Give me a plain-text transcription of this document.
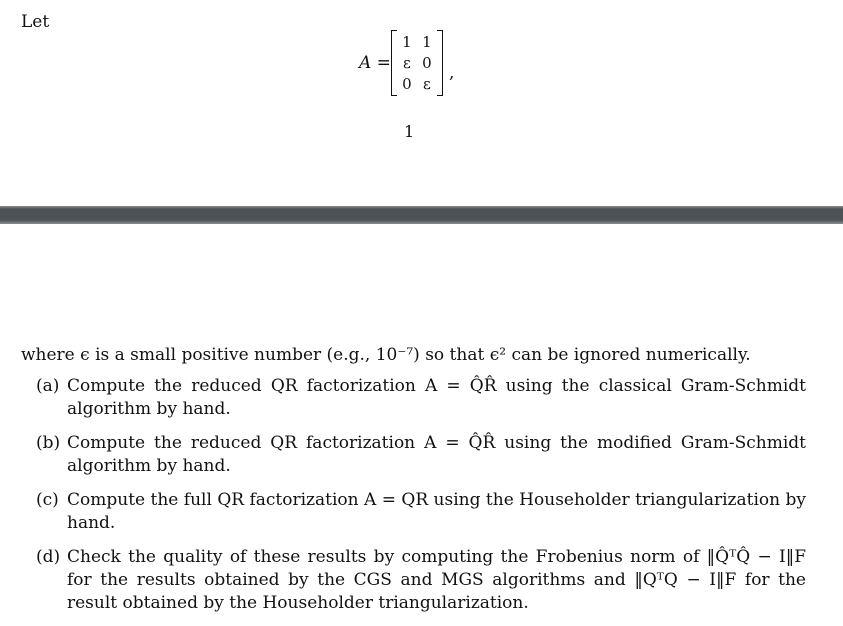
Let
A =
1 1
ε 0
0 ε
,
1
where ϵ is a small positive number (e.g., 10⁻⁷) so that ϵ² can be ignored numerically.
(a) Compute the reduced QR factorization A = Q̂R̂ using the classical Gram-Schmidt algorithm by hand.
(b) Compute the reduced QR factorization A = Q̂R̂ using the modified Gram-Schmidt algorithm by hand.
(c) Compute the full QR factorization A = QR using the Householder triangularization by hand.
(d) Check the quality of these results by computing the Frobenius norm of ‖Q̂ᵀQ̂ − I‖F for the results obtained by the CGS and MGS algorithms and ‖QᵀQ − I‖F for the result obtained by the Householder triangularization.
